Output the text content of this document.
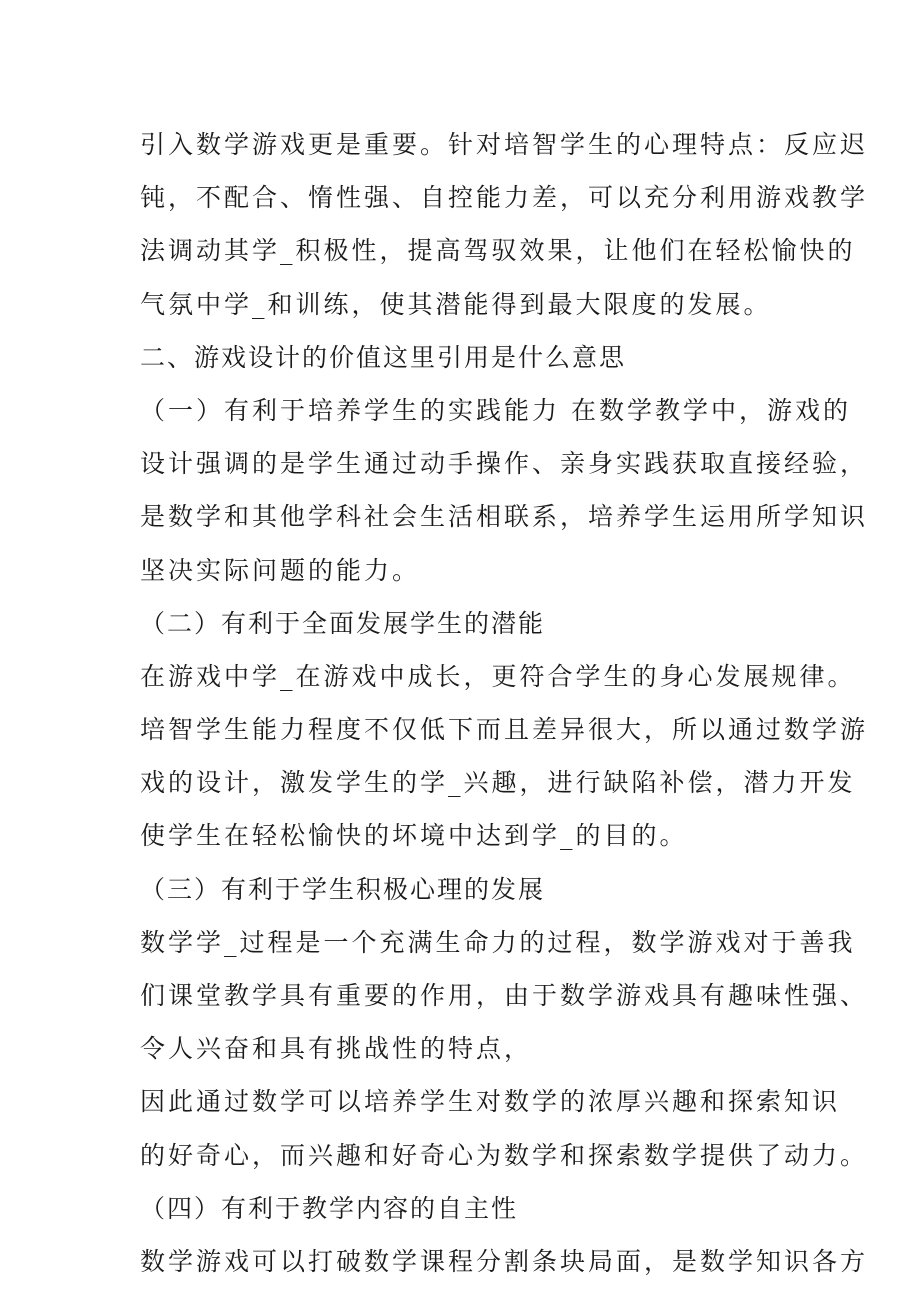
引入数学游戏更是重要。针对培智学生的心理特点：反应迟
钝，不配合、惰性强、自控能力差，可以充分利用游戏教学
法调动其学_积极性，提高驾驭效果，让他们在轻松愉快的
气氛中学_和训练，使其潜能得到最大限度的发展。
二、游戏设计的价值这里引用是什么意思
（一）有利于培养学生的实践能力 在数学教学中，游戏的
设计强调的是学生通过动手操作、亲身实践获取直接经验，
是数学和其他学科社会生活相联系，培养学生运用所学知识
坚决实际问题的能力。
（二）有利于全面发展学生的潜能
在游戏中学_在游戏中成长，更符合学生的身心发展规律。
培智学生能力程度不仅低下而且差异很大，所以通过数学游
戏的设计，激发学生的学_兴趣，进行缺陷补偿，潜力开发
使学生在轻松愉快的坏境中达到学_的目的。
（三）有利于学生积极心理的发展
数学学_过程是一个充满生命力的过程，数学游戏对于善我
们课堂教学具有重要的作用，由于数学游戏具有趣味性强、
令人兴奋和具有挑战性的特点，
因此通过数学可以培养学生对数学的浓厚兴趣和探索知识
的好奇心，而兴趣和好奇心为数学和探索数学提供了动力。
（四）有利于教学内容的自主性
数学游戏可以打破数学课程分割条块局面，是数学知识各方
